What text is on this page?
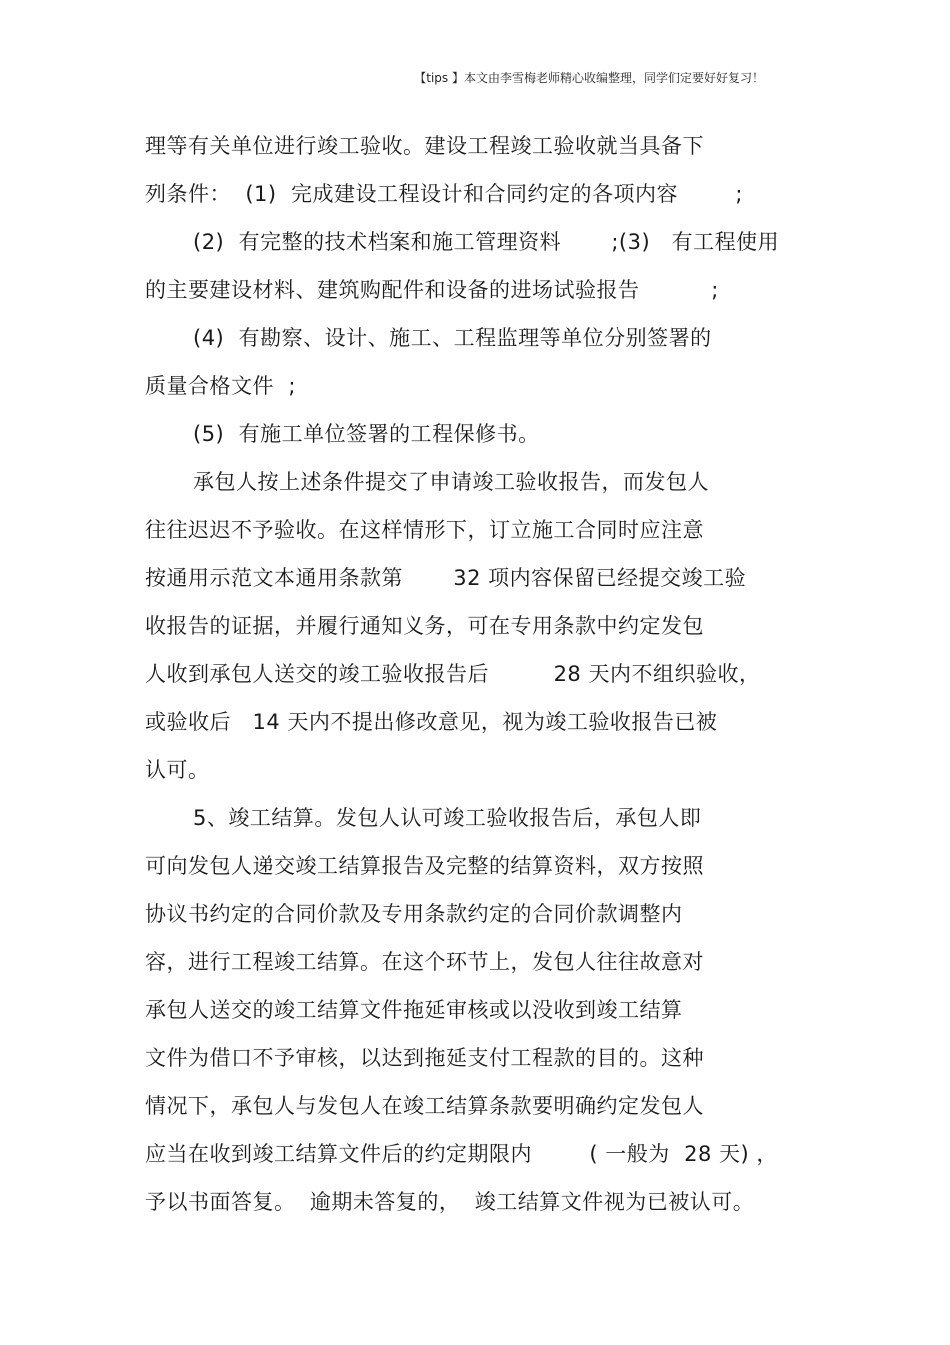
【tips 】本文由李雪梅老师精心收编整理，同学们定要好好复习！
理等有关单位进行竣工验收。建设工程竣工验收就当具备下
列条件：  (1)  完成建设工程设计和合同约定的各项内容        ;
(2)  有完整的技术档案和施工管理资料       ;(3)   有工程使用
的主要建设材料、建筑购配件和设备的进场试验报告          ;
(4)  有勘察、设计、施工、工程监理等单位分别签署的
质量合格文件  ;
(5)  有施工单位签署的工程保修书。
承包人按上述条件提交了申请竣工验收报告，而发包人
往往迟迟不予验收。在这样情形下，订立施工合同时应注意
按通用示范文本通用条款第       32 项内容保留已经提交竣工验
收报告的证据，并履行通知义务，可在专用条款中约定发包
人收到承包人送交的竣工验收报告后         28 天内不组织验收，
或验收后   14 天内不提出修改意见，视为竣工验收报告已被
认可。
5、竣工结算。发包人认可竣工验收报告后，承包人即
可向发包人递交竣工结算报告及完整的结算资料，双方按照
协议书约定的合同价款及专用条款约定的合同价款调整内
容，进行工程竣工结算。在这个环节上，发包人往往故意对
承包人送交的竣工结算文件拖延审核或以没收到竣工结算
文件为借口不予审核，以达到拖延支付工程款的目的。这种
情况下，承包人与发包人在竣工结算条款要明确约定发包人
应当在收到竣工结算文件后的约定期限内        ( 一般为  28 天) ，
予以书面答复。  逾期未答复的，  竣工结算文件视为已被认可。
